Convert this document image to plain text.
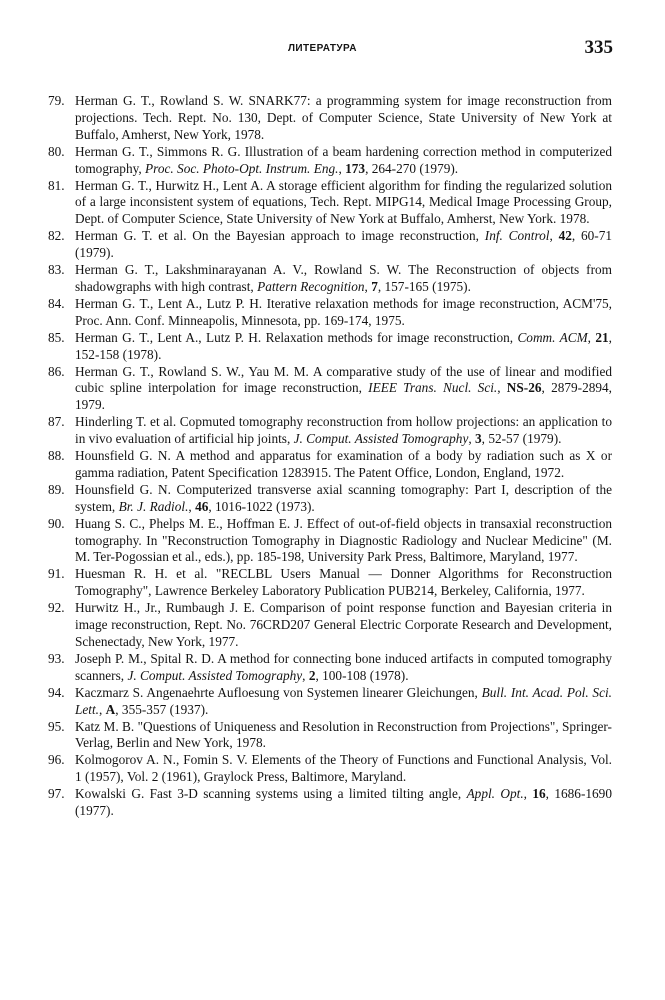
ЛИТЕРАТУРА	335
79. Herman G. T., Rowland S. W. SNARK77: a programming system for image reconstruction from projections. Tech. Rept. No. 130, Dept. of Computer Science, State University of New York at Buffalo, Amherst, New York, 1978.
80. Herman G. T., Simmons R. G. Illustration of a beam hardening correction method in computerized tomography, Proc. Soc. Photo-Opt. Instrum. Eng., 173, 264-270 (1979).
81. Herman G. T., Hurwitz H., Lent A. A storage efficient algorithm for finding the regularized solution of a large inconsistent system of equations, Tech. Rept. MIPG14, Medical Image Processing Group, Dept. of Computer Science, State University of New York at Buffalo, Amherst, New York. 1978.
82. Herman G. T. et al. On the Bayesian approach to image reconstruction, Inf. Control, 42, 60-71 (1979).
83. Herman G. T., Lakshminarayanan A. V., Rowland S. W. The Reconstruction of objects from shadowgraphs with high contrast, Pattern Recognition, 7, 157-165 (1975).
84. Herman G. T., Lent A., Lutz P. H. Iterative relaxation methods for image reconstruction, ACM'75, Proc. Ann. Conf. Minneapolis, Minnesota, pp. 169-174, 1975.
85. Herman G. T., Lent A., Lutz P. H. Relaxation methods for image reconstruction, Comm. ACM, 21, 152-158 (1978).
86. Herman G. T., Rowland S. W., Yau M. M. A comparative study of the use of linear and modified cubic spline interpolation for image reconstruction, IEEE Trans. Nucl. Sci., NS-26, 2879-2894, 1979.
87. Hinderling T. et al. Copmuted tomography reconstruction from hollow projections: an application to in vivo evaluation of artificial hip joints, J. Comput. Assisted Tomography, 3, 52-57 (1979).
88. Hounsfield G. N. A method and apparatus for examination of a body by radiation such as X or gamma radiation, Patent Specification 1283915. The Patent Office, London, England, 1972.
89. Hounsfield G. N. Computerized transverse axial scanning tomography: Part I, description of the system, Br. J. Radiol., 46, 1016-1022 (1973).
90. Huang S. C., Phelps M. E., Hoffman E. J. Effect of out-of-field objects in transaxial reconstruction tomography. In "Reconstruction Tomography in Diagnostic Radiology and Nuclear Medicine" (M. M. Ter-Pogossian et al., eds.), pp. 185-198, University Park Press, Baltimore, Maryland, 1977.
91. Huesman R. H. et al. "RECLBL Users Manual — Donner Algorithms for Reconstruction Tomography", Lawrence Berkeley Laboratory Publication PUB214, Berkeley, California, 1977.
92. Hurwitz H., Jr., Rumbaugh J. E. Comparison of point response function and Bayesian criteria in image reconstruction, Rept. No. 76CRD207 General Electric Corporate Research and Development, Schenectady, New York, 1977.
93. Joseph P. M., Spital R. D. A method for connecting bone induced artifacts in computed tomography scanners, J. Comput. Assisted Tomography, 2, 100-108 (1978).
94. Kaczmarz S. Angenaehrte Aufloesung von Systemen linearer Gleichungen, Bull. Int. Acad. Pol. Sci. Lett., A, 355-357 (1937).
95. Katz M. B. "Questions of Uniqueness and Resolution in Reconstruction from Projections", Springer-Verlag, Berlin and New York, 1978.
96. Kolmogorov A. N., Fomin S. V. Elements of the Theory of Functions and Functional Analysis, Vol. 1 (1957), Vol. 2 (1961), Graylock Press, Baltimore, Maryland.
97. Kowalski G. Fast 3-D scanning systems using a limited tilting angle, Appl. Opt., 16, 1686-1690 (1977).
